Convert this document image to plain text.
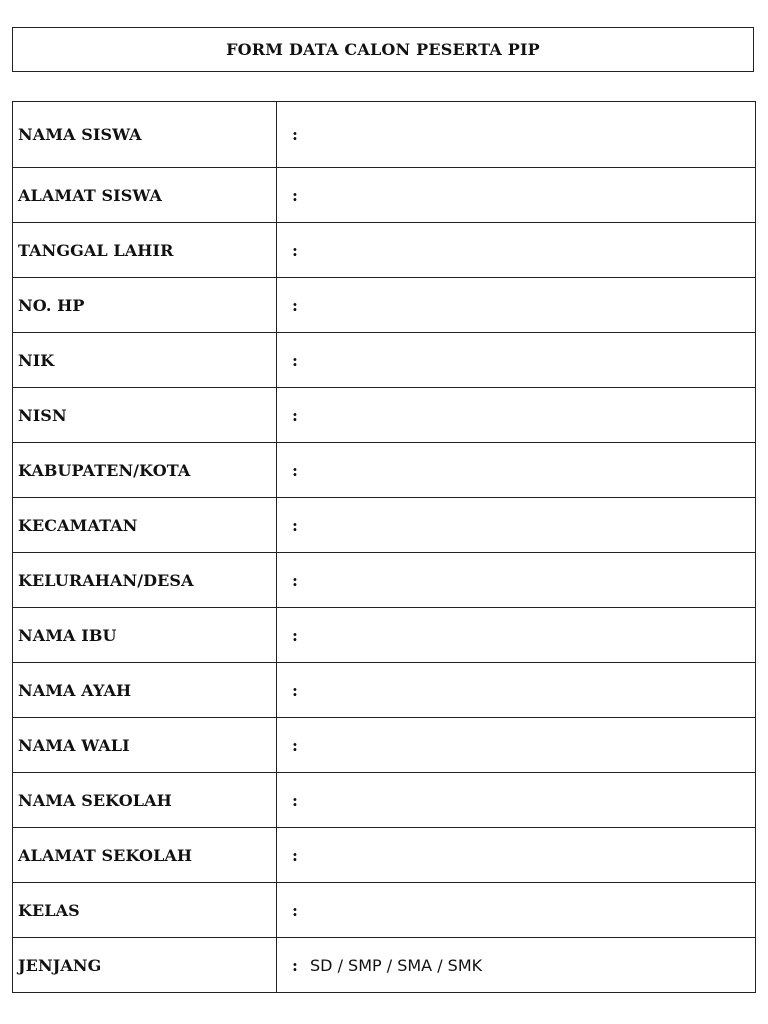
FORM DATA CALON PESERTA PIP
NAMA SISWA	:

ALAMAT SISWA	:

TANGGAL LAHIR	:

NO. HP	:

NIK	:

NISN	:

KABUPATEN/KOTA	:

KECAMATAN	:

KELURAHAN/DESA	:

NAMA IBU	:

NAMA AYAH	:

NAMA WALI	:

NAMA SEKOLAH	:

ALAMAT SEKOLAH	:

KELAS	:

JENJANG	: SD / SMP / SMA / SMK
